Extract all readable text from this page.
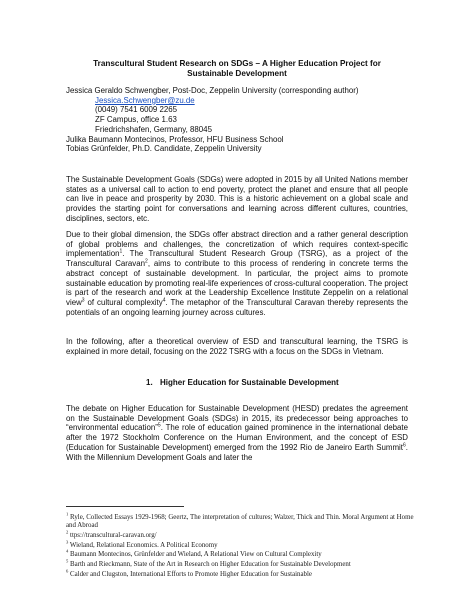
Transcultural Student Research on SDGs – A Higher Education Project for
Sustainable Development
Jessica Geraldo Schwengber, Post-Doc, Zeppelin University (corresponding author)
Jessica.Schwengber@zu.de
(0049) 7541 6009 2265
ZF Campus, office 1.63
Friedrichshafen, Germany, 88045
Julika Baumann Montecinos, Professor, HFU Business School
Tobias Grünfelder, Ph.D. Candidate, Zeppelin University

The Sustainable Development Goals (SDGs) were adopted in 2015 by all United Nations member states as a universal call to action to end poverty, protect the planet and ensure that all people can live in peace and prosperity by 2030. This is a historic achievement on a global scale and provides the starting point for conversations and learning across different cultures, countries, disciplines, sectors, etc.

Due to their global dimension, the SDGs offer abstract direction and a rather general description of global problems and challenges, the concretization of which requires context-specific implementation$^1$. The Transcultural Student Research Group (TSRG), as a project of the Transcultural Caravan$^2$, aims to contribute to this process of rendering in concrete terms the abstract concept of sustainable development. In particular, the project aims to promote sustainable education by promoting real-life experiences of cross-cultural cooperation. The project is part of the research and work at the Leadership Excellence Institute Zeppelin on a relational view$^3$ of cultural complexity$^4$. The metaphor of the Transcultural Caravan thereby represents the potentials of an ongoing learning journey across cultures.

In the following, after a theoretical overview of ESD and transcultural learning, the TSRG is explained in more detail, focusing on the 2022 TSRG with a focus on the SDGs in Vietnam.

1. Higher Education for Sustainable Development

The debate on Higher Education for Sustainable Development (HESD) predates the agreement on the Sustainable Development Goals (SDGs) in 2015, its predecessor being approaches to “environmental education”$^5$. The role of education gained prominence in the international debate after the 1972 Stockholm Conference on the Human Environment, and the concept of ESD (Education for Sustainable Development) emerged from the 1992 Rio de Janeiro Earth Summit$^6$. With the Millennium Development Goals and later the

$^1$ Ryle, Collected Essays 1929-1968; Geertz, The interpretation of cultures; Walzer, Thick and Thin. Moral Argument at Home and Abroad
$^2$ ttps://transcultural-caravan.org/
$^3$ Wieland, Relational Economics. A Political Economy
$^4$ Baumann Montecinos, Grünfelder and Wieland, A Relational View on Cultural Complexity
$^5$ Barth and Rieckmann, State of the Art in Research on Higher Education for Sustainable Development
$^6$ Calder and Clugston, International Efforts to Promote Higher Education for Sustainable
